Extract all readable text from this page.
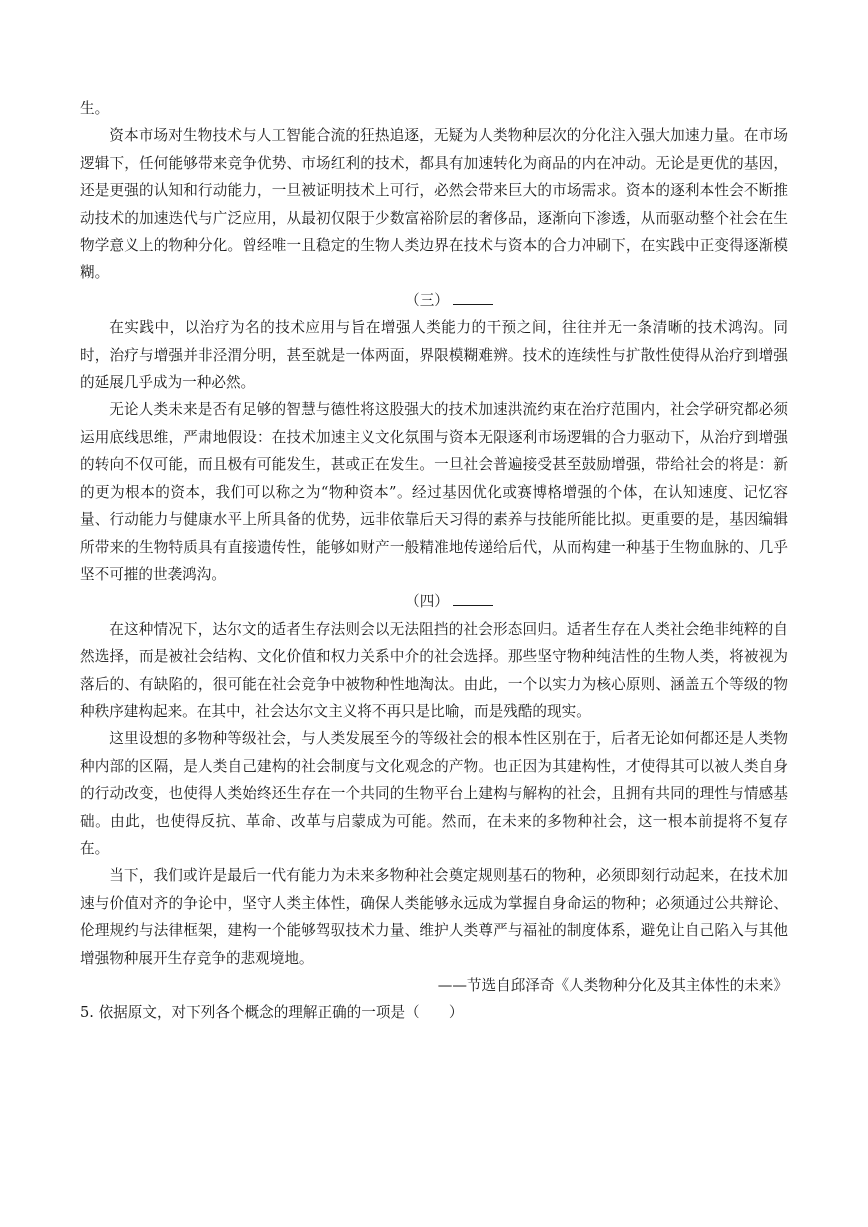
生。

资本市场对生物技术与人工智能合流的狂热追逐，无疑为人类物种层次的分化注入强大加速力量。在市场逻辑下，任何能够带来竞争优势、市场红利的技术，都具有加速转化为商品的内在冲动。无论是更优的基因，还是更强的认知和行动能力，一旦被证明技术上可行，必然会带来巨大的市场需求。资本的逐利本性会不断推动技术的加速迭代与广泛应用，从最初仅限于少数富裕阶层的奢侈品，逐渐向下渗透，从而驱动整个社会在生物学意义上的物种分化。曾经唯一且稳定的生物人类边界在技术与资本的合力冲刷下，在实践中正变得逐渐模糊。

（三）

在实践中，以治疗为名的技术应用与旨在增强人类能力的干预之间，往往并无一条清晰的技术鸿沟。同时，治疗与增强并非泾渭分明，甚至就是一体两面，界限模糊难辨。技术的连续性与扩散性使得从治疗到增强的延展几乎成为一种必然。

无论人类未来是否有足够的智慧与德性将这股强大的技术加速洪流约束在治疗范围内，社会学研究都必须运用底线思维，严肃地假设：在技术加速主义文化氛围与资本无限逐利市场逻辑的合力驱动下，从治疗到增强的转向不仅可能，而且极有可能发生，甚或正在发生。一旦社会普遍接受甚至鼓励增强，带给社会的将是：新的更为根本的资本，我们可以称之为“物种资本”。经过基因优化或赛博格增强的个体，在认知速度、记忆容量、行动能力与健康水平上所具备的优势，远非依靠后天习得的素养与技能所能比拟。更重要的是，基因编辑所带来的生物特质具有直接遗传性，能够如财产一般精准地传递给后代，从而构建一种基于生物血脉的、几乎坚不可摧的世袭鸿沟。

（四）

在这种情况下，达尔文的适者生存法则会以无法阻挡的社会形态回归。适者生存在人类社会绝非纯粹的自然选择，而是被社会结构、文化价值和权力关系中介的社会选择。那些坚守物种纯洁性的生物人类，将被视为落后的、有缺陷的，很可能在社会竞争中被物种性地淘汰。由此，一个以实力为核心原则、涵盖五个等级的物种秩序建构起来。在其中，社会达尔文主义将不再只是比喻，而是残酷的现实。

这里设想的多物种等级社会，与人类发展至今的等级社会的根本性区别在于，后者无论如何都还是人类物种内部的区隔，是人类自己建构的社会制度与文化观念的产物。也正因为其建构性，才使得其可以被人类自身的行动改变，也使得人类始终还生存在一个共同的生物平台上建构与解构的社会，且拥有共同的理性与情感基础。由此，也使得反抗、革命、改革与启蒙成为可能。然而，在未来的多物种社会，这一根本前提将不复存在。

当下，我们或许是最后一代有能力为未来多物种社会奠定规则基石的物种，必须即刻行动起来，在技术加速与价值对齐的争论中，坚守人类主体性，确保人类能够永远成为掌握自身命运的物种；必须通过公共辩论、伦理规约与法律框架，建构一个能够驾驭技术力量、维护人类尊严与福祉的制度体系，避免让自己陷入与其他增强物种展开生存竞争的悲观境地。

——节选自邱泽奇《人类物种分化及其主体性的未来》

5. 依据原文，对下列各个概念的理解正确的一项是（　　）
